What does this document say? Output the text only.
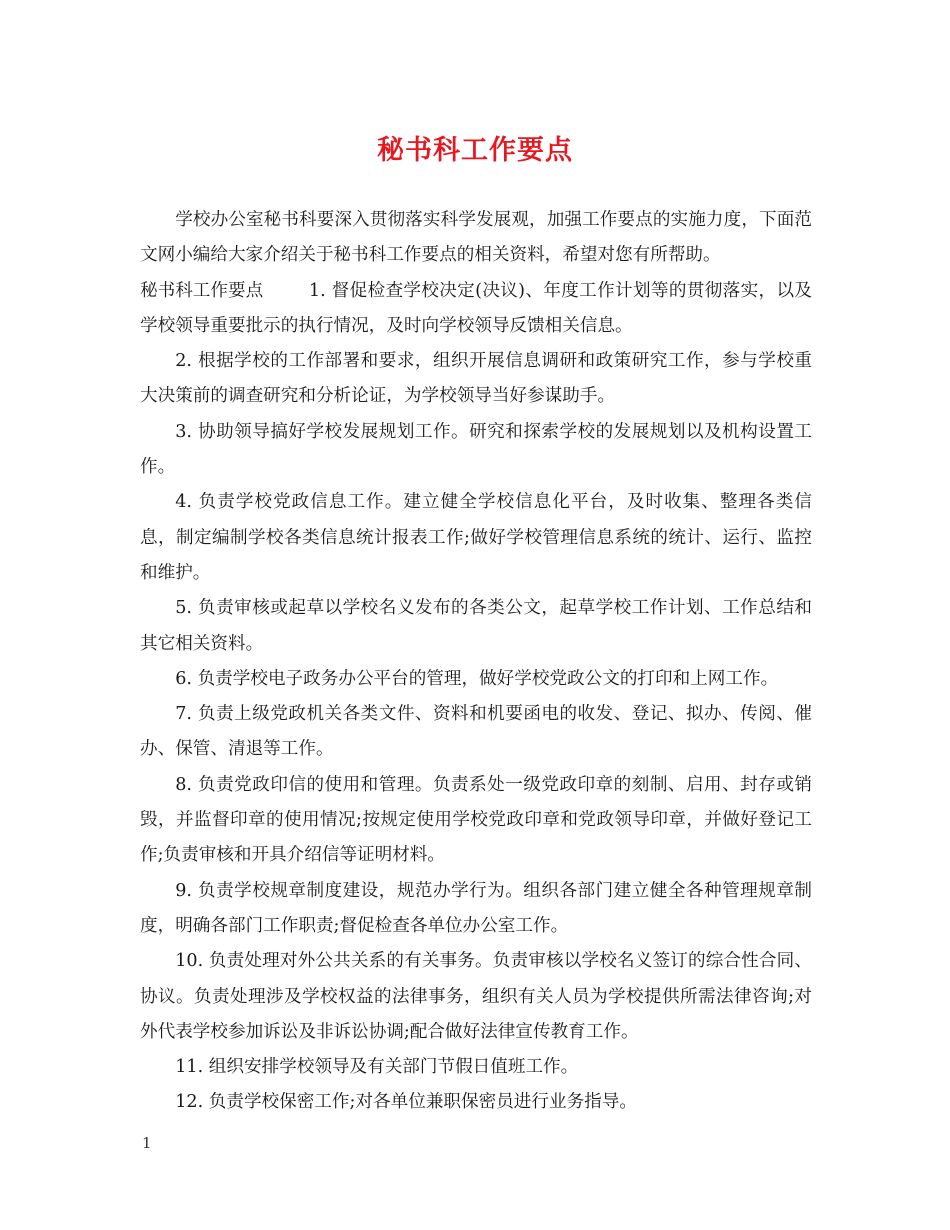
秘书科工作要点

学校办公室秘书科要深入贯彻落实科学发展观，加强工作要点的实施力度，下面范文网小编给大家介绍关于秘书科工作要点的相关资料，希望对您有所帮助。

秘书科工作要点	1. 督促检查学校决定(决议)、年度工作计划等的贯彻落实，以及学校领导重要批示的执行情况，及时向学校领导反馈相关信息。

2. 根据学校的工作部署和要求，组织开展信息调研和政策研究工作，参与学校重大决策前的调查研究和分析论证，为学校领导当好参谋助手。

3. 协助领导搞好学校发展规划工作。研究和探索学校的发展规划以及机构设置工作。

4. 负责学校党政信息工作。建立健全学校信息化平台，及时收集、整理各类信息，制定编制学校各类信息统计报表工作;做好学校管理信息系统的统计、运行、监控和维护。

5. 负责审核或起草以学校名义发布的各类公文，起草学校工作计划、工作总结和其它相关资料。

6. 负责学校电子政务办公平台的管理，做好学校党政公文的打印和上网工作。

7. 负责上级党政机关各类文件、资料和机要函电的收发、登记、拟办、传阅、催办、保管、清退等工作。

8. 负责党政印信的使用和管理。负责系处一级党政印章的刻制、启用、封存或销毁，并监督印章的使用情况;按规定使用学校党政印章和党政领导印章，并做好登记工作;负责审核和开具介绍信等证明材料。

9. 负责学校规章制度建设，规范办学行为。组织各部门建立健全各种管理规章制度，明确各部门工作职责;督促检查各单位办公室工作。

10. 负责处理对外公共关系的有关事务。负责审核以学校名义签订的综合性合同、协议。负责处理涉及学校权益的法律事务，组织有关人员为学校提供所需法律咨询;对外代表学校参加诉讼及非诉讼协调;配合做好法律宣传教育工作。

11. 组织安排学校领导及有关部门节假日值班工作。

12. 负责学校保密工作;对各单位兼职保密员进行业务指导。

1
